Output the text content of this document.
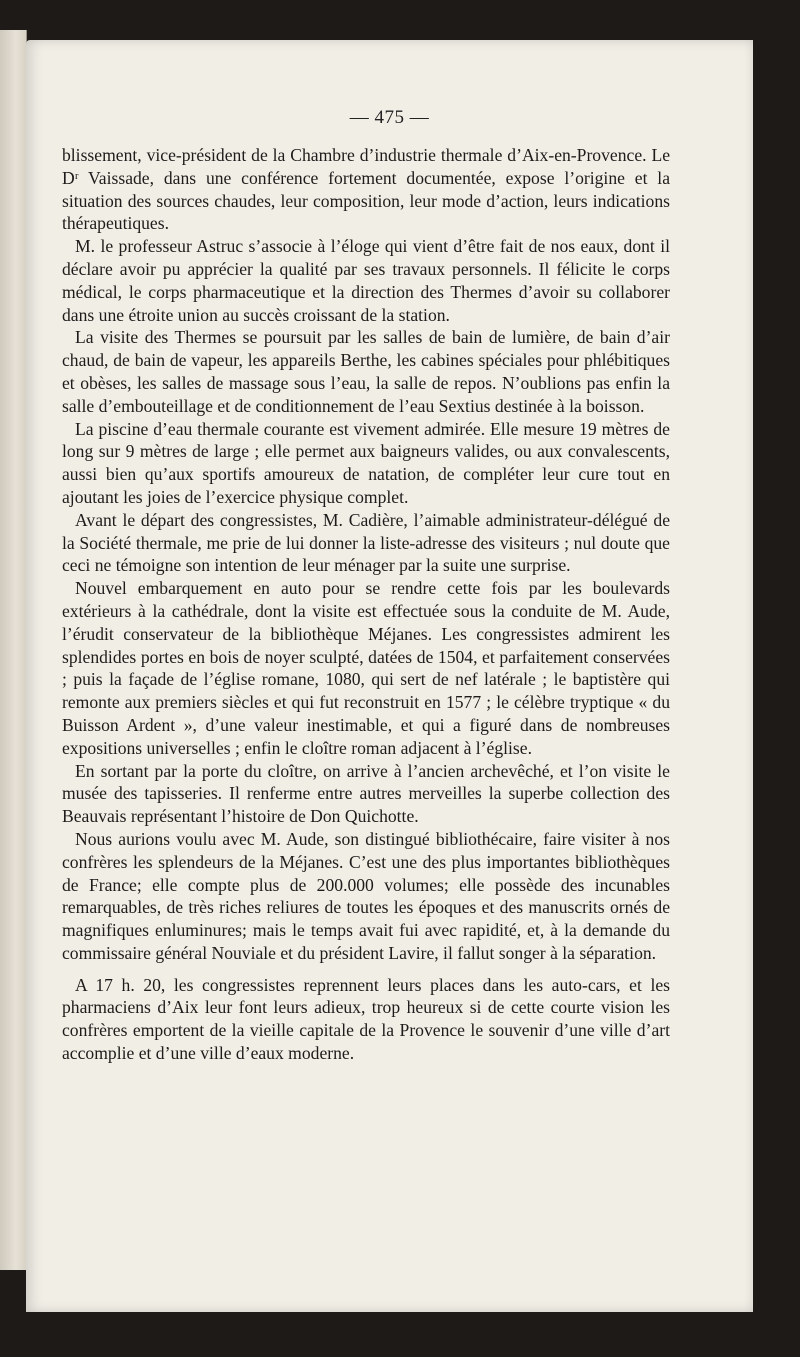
— 475 —

blissement, vice-président de la Chambre d’industrie thermale d’Aix-en-Provence. Le Dʳ Vaissade, dans une conférence fortement documentée, expose l’origine et la situation des sources chaudes, leur composition, leur mode d’action, leurs indications thérapeutiques.

M. le professeur Astruc s’associe à l’éloge qui vient d’être fait de nos eaux, dont il déclare avoir pu apprécier la qualité par ses travaux personnels. Il félicite le corps médical, le corps pharmaceutique et la direction des Thermes d’avoir su collaborer dans une étroite union au succès croissant de la station.

La visite des Thermes se poursuit par les salles de bain de lumière, de bain d’air chaud, de bain de vapeur, les appareils Berthe, les cabines spéciales pour phlébitiques et obèses, les salles de massage sous l’eau, la salle de repos. N’oublions pas enfin la salle d’embouteillage et de conditionnement de l’eau Sextius destinée à la boisson.

La piscine d’eau thermale courante est vivement admirée. Elle mesure 19 mètres de long sur 9 mètres de large ; elle permet aux baigneurs valides, ou aux convalescents, aussi bien qu’aux sportifs amoureux de natation, de compléter leur cure tout en ajoutant les joies de l’exercice physique complet.

Avant le départ des congressistes, M. Cadière, l’aimable administrateur-délégué de la Société thermale, me prie de lui donner la liste-adresse des visiteurs ; nul doute que ceci ne témoigne son intention de leur ménager par la suite une surprise.

Nouvel embarquement en auto pour se rendre cette fois par les boulevards extérieurs à la cathédrale, dont la visite est effectuée sous la conduite de M. Aude, l’érudit conservateur de la bibliothèque Méjanes. Les congressistes admirent les splendides portes en bois de noyer sculpté, datées de 1504, et parfaitement conservées ; puis la façade de l’église romane, 1080, qui sert de nef latérale ; le baptistère qui remonte aux premiers siècles et qui fut reconstruit en 1577 ; le célèbre tryptique « du Buisson Ardent », d’une valeur inestimable, et qui a figuré dans de nombreuses expositions universelles ; enfin le cloître roman adjacent à l’église.

En sortant par la porte du cloître, on arrive à l’ancien archevêché, et l’on visite le musée des tapisseries. Il renferme entre autres merveilles la superbe collection des Beauvais représentant l’histoire de Don Quichotte.

Nous aurions voulu avec M. Aude, son distingué bibliothécaire, faire visiter à nos confrères les splendeurs de la Méjanes. C’est une des plus importantes bibliothèques de France; elle compte plus de 200.000 volumes; elle possède des incunables remarquables, de très riches reliures de toutes les époques et des manuscrits ornés de magnifiques enluminures; mais le temps avait fui avec rapidité, et, à la demande du commissaire général Nouviale et du président Lavire, il fallut songer à la séparation.

A 17 h. 20, les congressistes reprennent leurs places dans les auto-cars, et les pharmaciens d’Aix leur font leurs adieux, trop heureux si de cette courte vision les confrères emportent de la vieille capitale de la Provence le souvenir d’une ville d’art accomplie et d’une ville d’eaux moderne.
